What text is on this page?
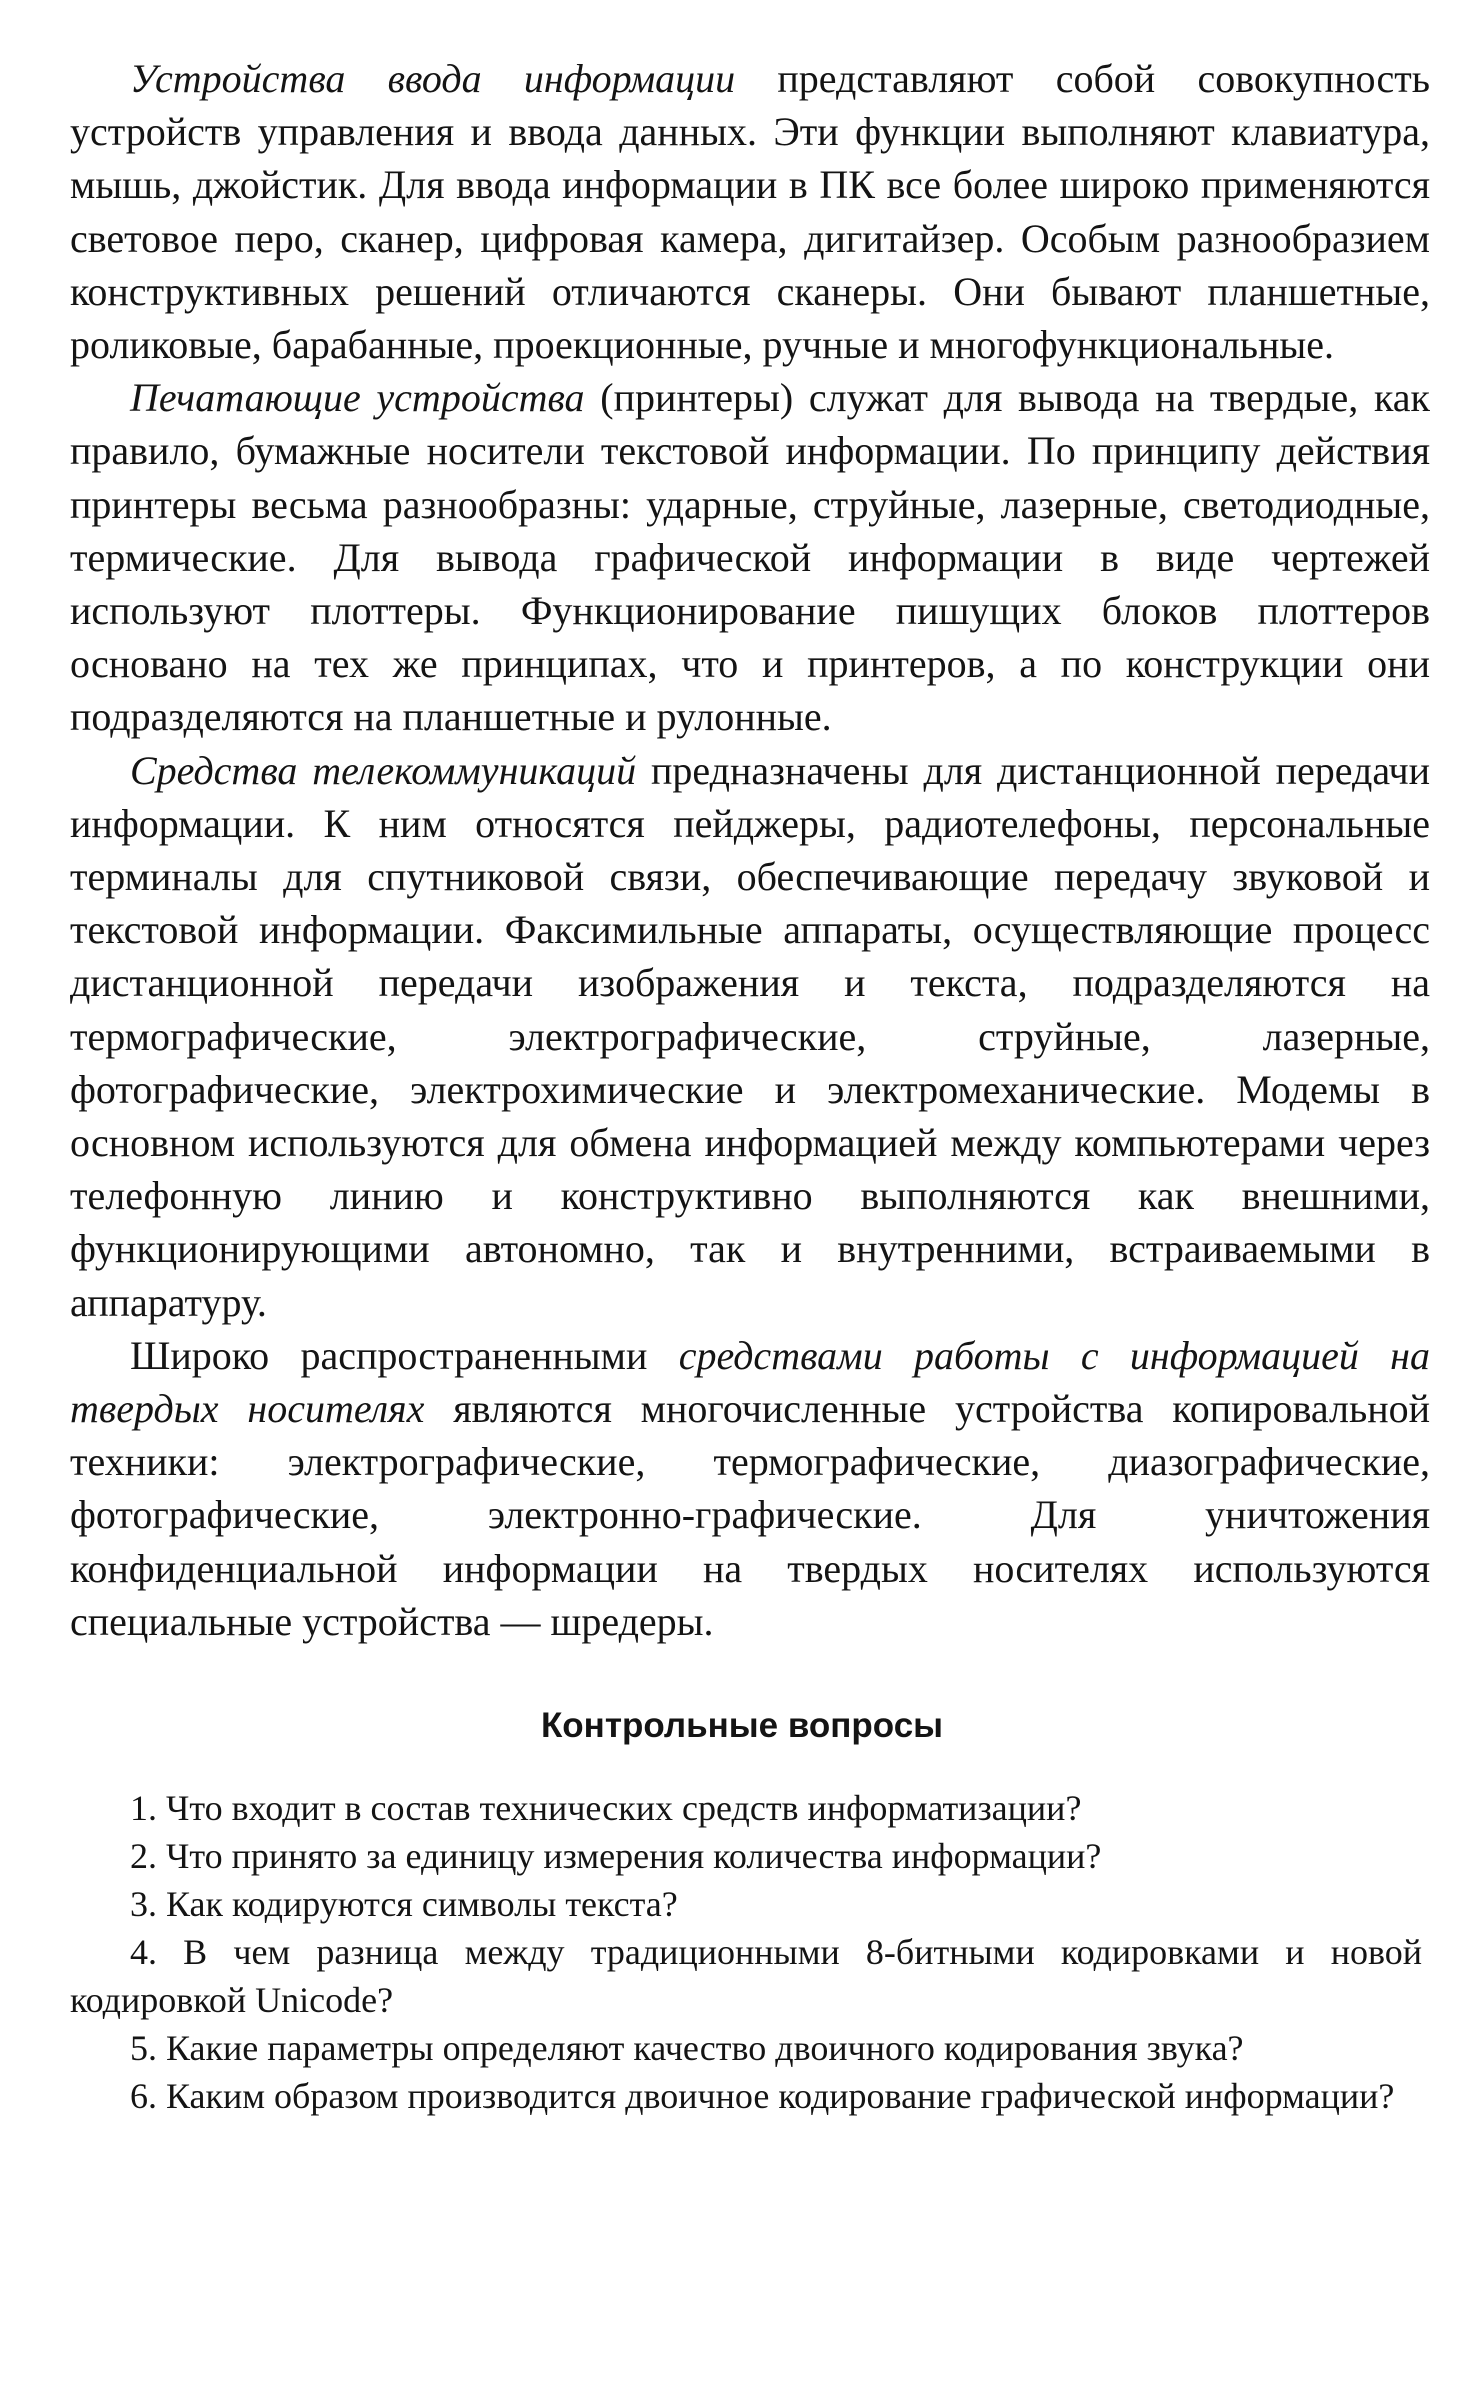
Устройства ввода информации представляют собой совокупность устройств управления и ввода данных. Эти функции выполняют клавиатура, мышь, джойстик. Для ввода информации в ПК все более широко применяются световое перо, сканер, цифровая камера, дигитайзер. Особым разнообразием конструктивных решений отличаются сканеры. Они бывают планшетные, роликовые, барабанные, проекционные, ручные и многофункциональные.

Печатающие устройства (принтеры) служат для вывода на твердые, как правило, бумажные носители текстовой информации. По принципу действия принтеры весьма разнообразны: ударные, струйные, лазерные, светодиодные, термические. Для вывода графической информации в виде чертежей используют плоттеры. Функционирование пишущих блоков плоттеров основано на тех же принципах, что и принтеров, а по конструкции они подразделяются на планшетные и рулонные.

Средства телекоммуникаций предназначены для дистанционной передачи информации. К ним относятся пейджеры, радиотелефоны, персональные терминалы для спутниковой связи, обеспечивающие передачу звуковой и текстовой информации. Факсимильные аппараты, осуществляющие процесс дистанционной передачи изображения и текста, подразделяются на термографические, электрографические, струйные, лазерные, фотографические, электрохимические и электромеханические. Модемы в основном используются для обмена информацией между компьютерами через телефонную линию и конструктивно выполняются как внешними, функционирующими автономно, так и внутренними, встраиваемыми в аппаратуру.

Широко распространенными средствами работы с информацией на твердых носителях являются многочисленные устройства копировальной техники: электрографические, термографические, диазографические, фотографические, электронно-графические. Для уничтожения конфиденциальной информации на твердых носителях используются специальные устройства — шредеры.

Контрольные вопросы
1. Что входит в состав технических средств информатизации?
2. Что принято за единицу измерения количества информации?
3. Как кодируются символы текста?
4. В чем разница между традиционными 8-битными кодировками и новой кодировкой Unicode?
5. Какие параметры определяют качество двоичного кодирования звука?
6. Каким образом производится двоичное кодирование графической информации?
